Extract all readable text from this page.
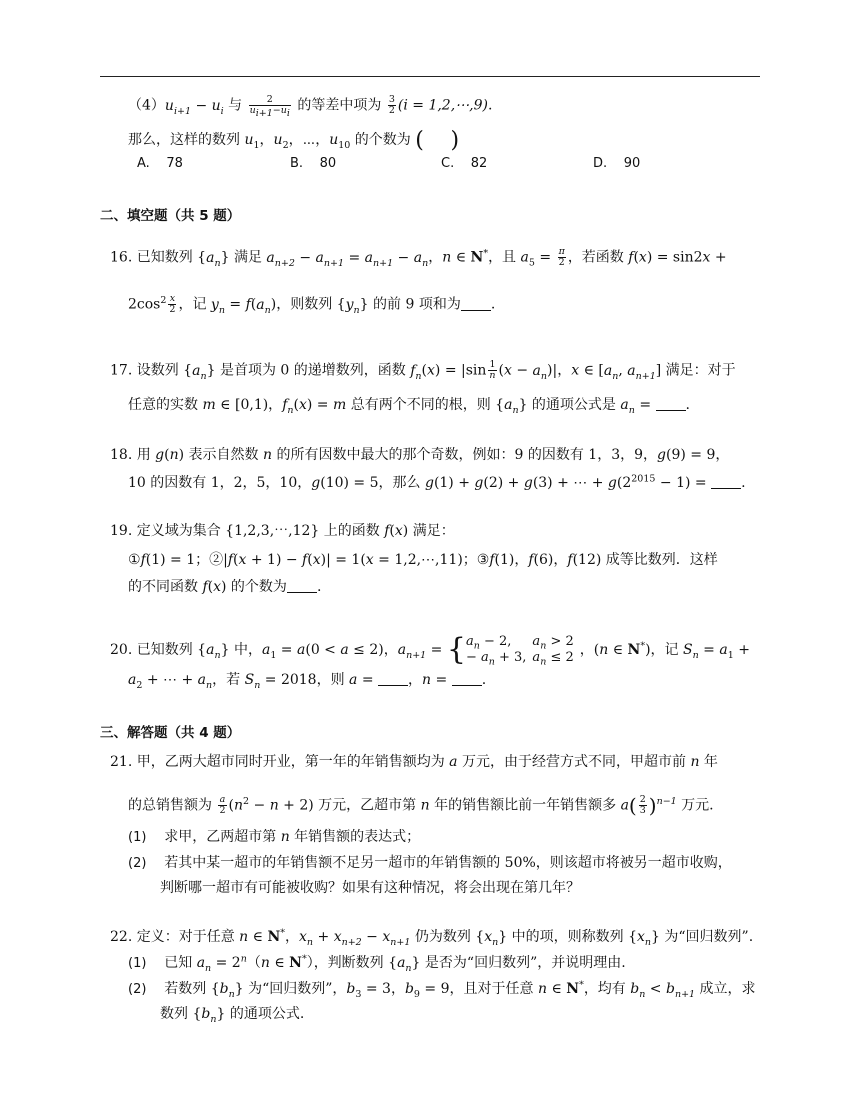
$(4)u_{i+1} - u_i$ 与 $\frac{2}{u_{i+1}-u_i}$ 的等差中项为 $\frac{3}{2} (i$ = 1,2,⋯,9).
那么，这样的数列 $u_1$，$u_2$，⋯，$u_{10}$ 的个数为 ( )
A. 78	B. 80	C. 82	D. 90
二、填空题（共 5 题）
16. 已知数列 $\{a_n\}$ 满足 $a_{n+2} - a_{n+1} = a_{n+1} - a_n$，n ∈ N*，且 $a_5 = \frac{\pi}{2}$ ，若函数 f(x) = sin2x +
$2\cos^2 \frac{x}{2}$ ，记 $y_n = f(a_n)$，则数列 $\{y_n\}$ 的前 9 项和为 .
17. 设数列 $\{a_n\}$ 是首项为 0 的递增数列，函数 $f_n(x) = |\sin \frac{1}{n} (x - a_n)|$，x ∈ [$a_n$, $a_{n+1}$] 满足：对于
任意的实数 m ∈ [0,1)，$f_n(x) = m$ 总有两个不同的根，则 $\{a_n\}$ 的通项公式是 $a_n$ = .
18. 用 g(n) 表示自然数 n 的所有因数中最大的那个奇数，例如：9 的因数有 1，3，9，g(9) = 9，
10 的因数有 1，2，5，10，g(10) = 5，那么 g(1) + g(2) + g(3) + ⋯ + $g(2^{2015} - 1)$ = .
19. 定义域为集合 {1,2,3,⋯,12} 上的函数 f(x) 满足：
①f(1) = 1；②|f(x + 1) − f(x)| = 1(x = 1,2,⋯,11)；③f(1)，f(6)，f(12) 成等比数列．这样
的不同函数 f(x) 的个数为 .
20. 已知数列 $\{a_n\}$ 中，$a_1 = a(0 < a \le 2)$，$a_{n+1}$ = { $a_n - 2$,	$a_n > 2$
− $a_n + 3$,	$a_n \le 2$ ，(n ∈ N*)，记 $S_n = a_1$ +
$a_2$ + ⋯ + $a_n$，若 $S_n = 2018$，则 a = ，n = .
三、解答题（共 4 题）
21. 甲，乙两大超市同时开业，第一年的年销售额均为 a 万元，由于经营方式不同，甲超市前 n 年
的总销售额为 $\frac{a}{2} (n^2 - n + 2)$ 万元，乙超市第 n 年的销售额比前一年销售额多 $a( \frac{2}{3} )^{n-1}$ 万元.
(1) 求甲，乙两超市第 n 年销售额的表达式；
(2) 若其中某一超市的年销售额不足另一超市的年销售额的 50%，则该超市将被另一超市收购，
判断哪一超市有可能被收购？如果有这种情况，将会出现在第几年？
22. 定义：对于任意 n ∈ N*，$x_n + x_{n+2} - x_{n+1}$ 仍为数列 $\{x_n\}$ 中的项，则称数列 $\{x_n\}$ 为“回归数列”.
(1) 已知 $a_n = 2^n(n$ ∈ N*），判断数列 $\{a_n\}$ 是否为“回归数列”，并说明理由.
(2) 若数列 $\{b_n\}$ 为“回归数列”，$b_3 = 3$，$b_9 = 9$，且对于任意 n ∈ N*，均有 $b_n < b_{n+1}$ 成立，求
数列 $\{b_n\}$ 的通项公式.
